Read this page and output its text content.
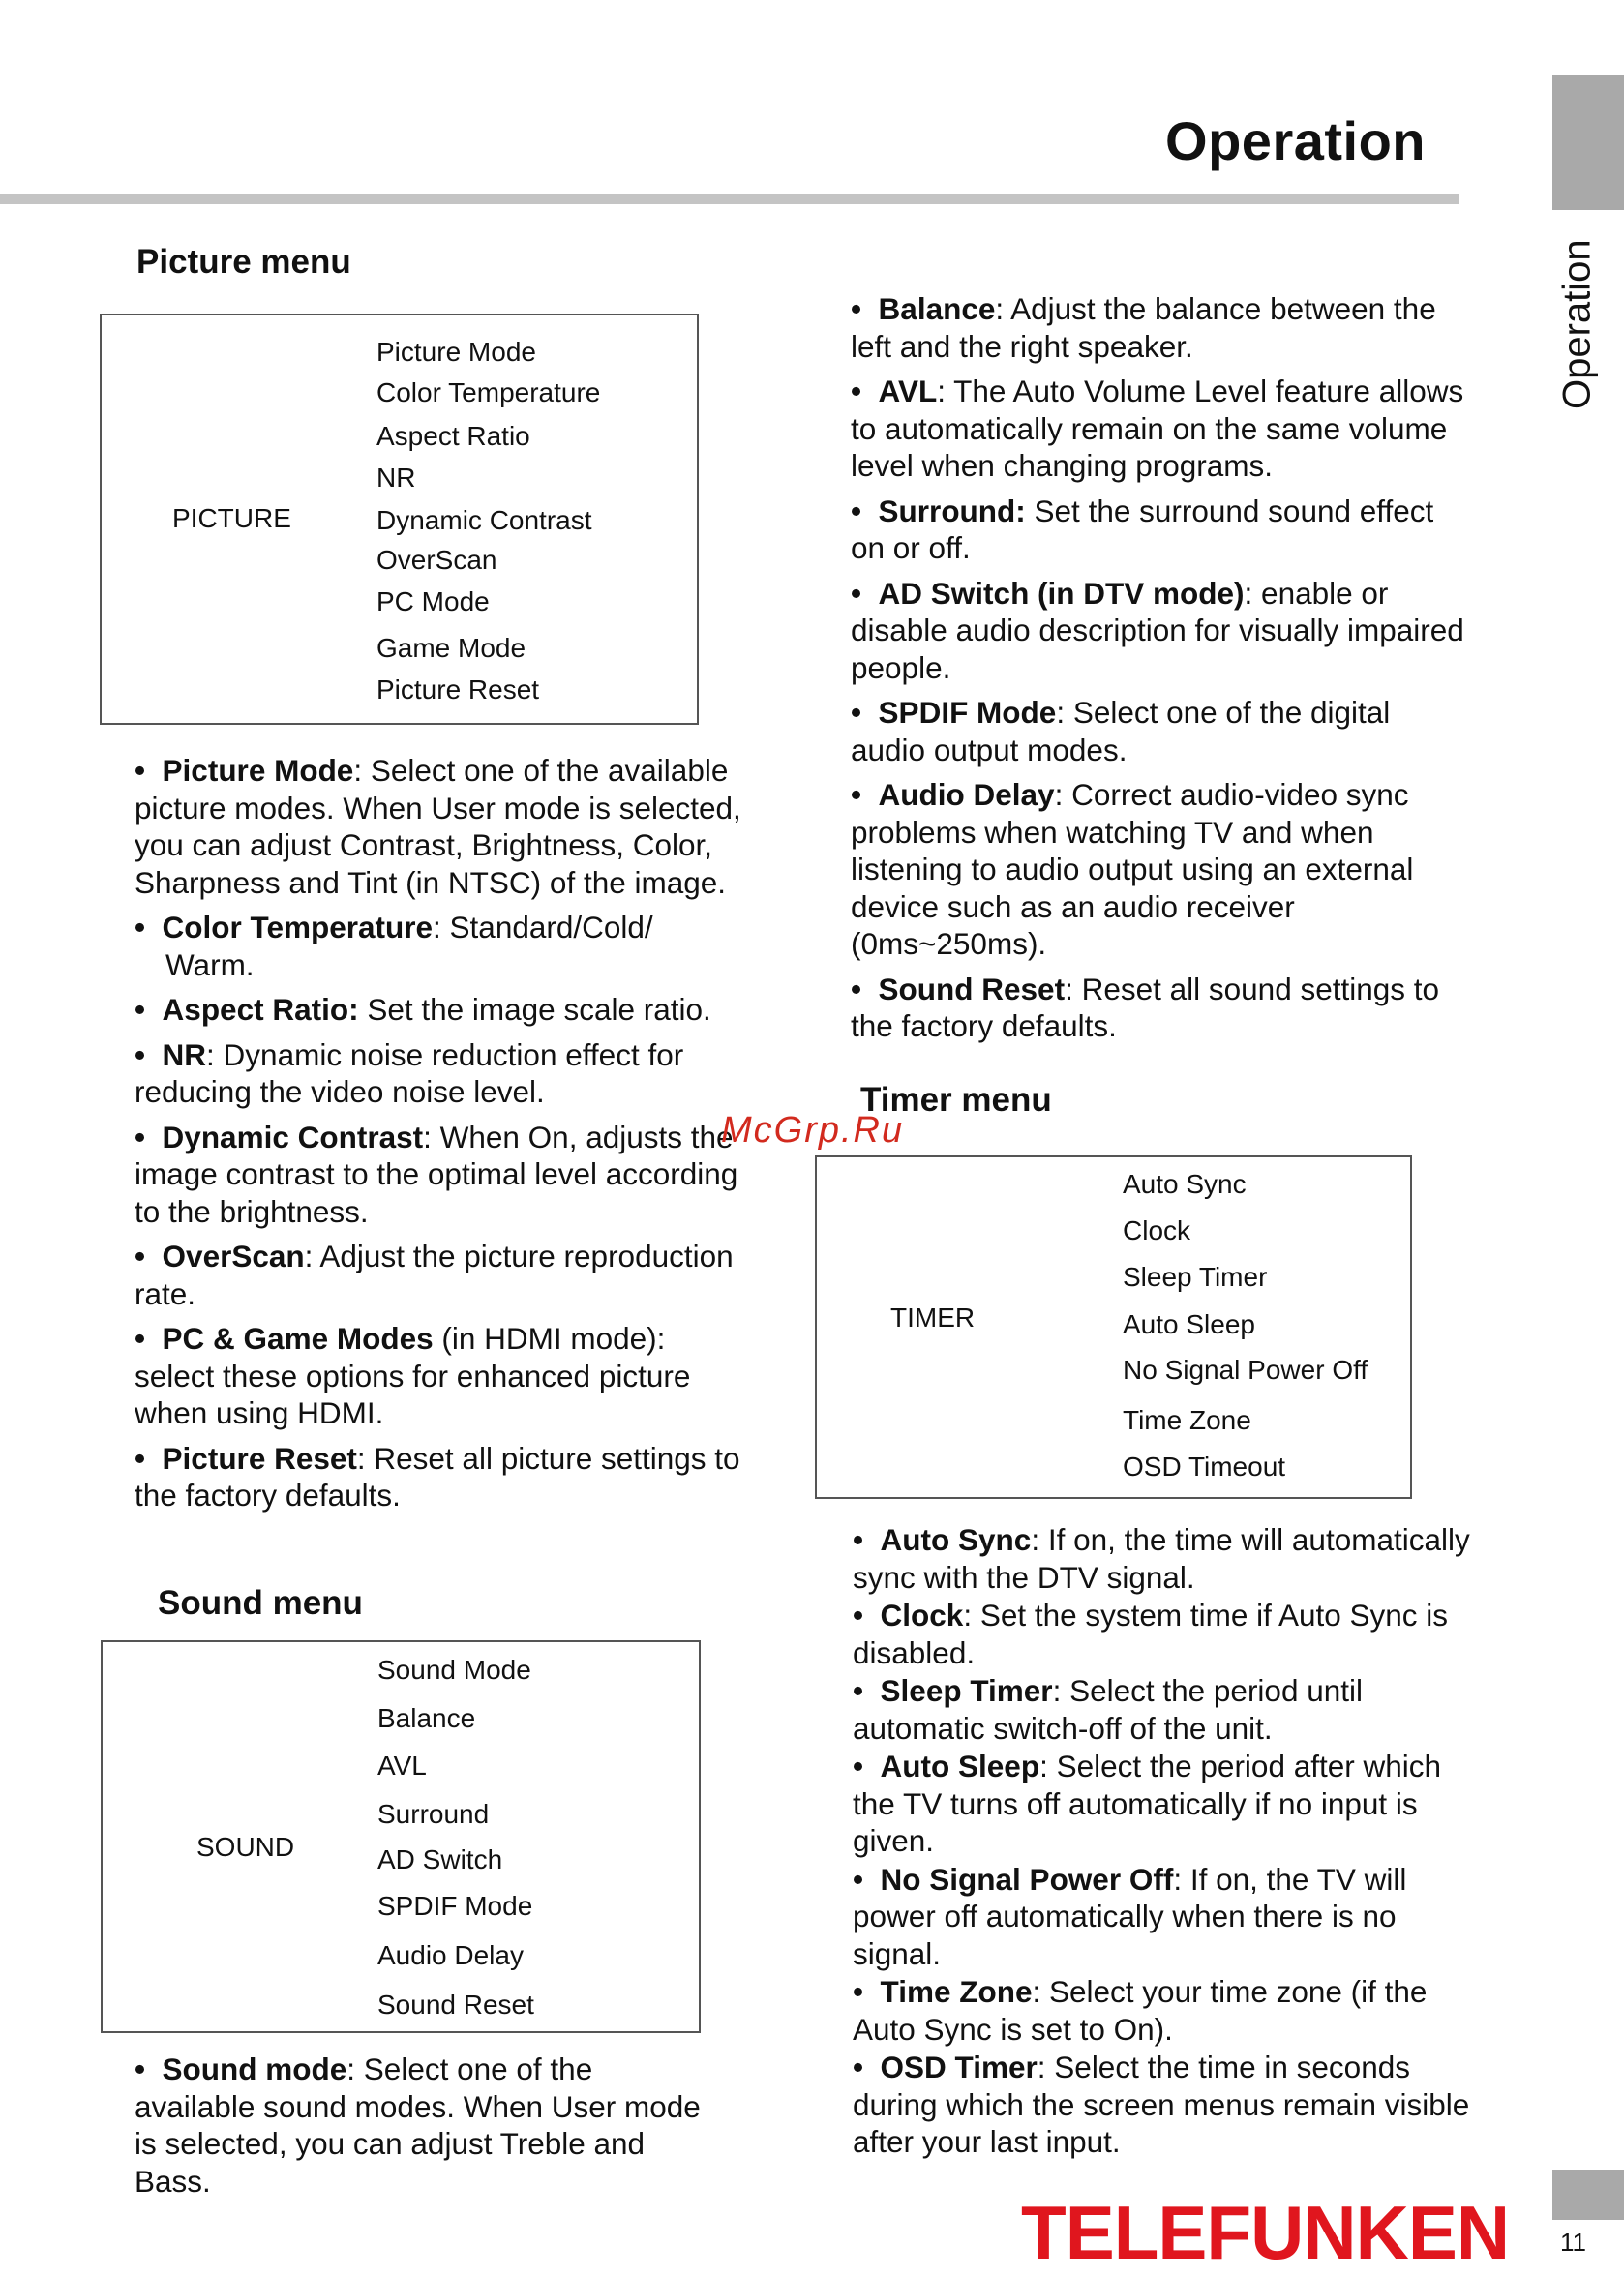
Operation
Operation
Picture menu
PICTURE
Picture Mode
Color Temperature
Aspect Ratio
NR
Dynamic Contrast
OverScan
PC Mode
Game Mode
Picture Reset

•  Picture Mode: Select one of the available picture modes. When User mode is selected, you can adjust Contrast, Brightness, Color, Sharpness and Tint (in NTSC) of the image.

•  Color Temperature: Standard/Cold/ Warm.

•  Aspect Ratio: Set the image scale ratio.

•  NR: Dynamic noise reduction effect for reducing the video noise level.

•  Dynamic Contrast: When On, adjusts the image contrast to the optimal level according to the brightness.

•  OverScan: Adjust the picture reproduction rate.

•  PC & Game Modes (in HDMI mode): select these options for enhanced picture when using HDMI.

•  Picture Reset: Reset all picture settings to the factory defaults.

Sound menu
SOUND
Sound Mode
Balance
AVL
Surround
AD Switch
SPDIF Mode
Audio Delay
Sound Reset

•  Sound mode: Select one of the available sound modes. When User mode is selected, you can adjust Treble and Bass.

•  Balance: Adjust the balance between the left and the right speaker.

•  AVL: The Auto Volume Level feature allows to automatically remain on the same volume level when changing programs.

•  Surround: Set the surround sound effect on or off.

•  AD Switch (in DTV mode): enable or disable audio description for visually impaired people.

•  SPDIF Mode: Select one of the digital audio output modes.

•  Audio Delay: Correct audio-video sync problems when watching TV and when listening to audio output using an external device such as an audio receiver (0ms~250ms).

•  Sound Reset: Reset all sound settings to the factory defaults.

Timer menu
McGrp.Ru
TIMER
Auto Sync
Clock
Sleep Timer
Auto Sleep
No Signal Power Off
Time Zone
OSD Timeout

•  Auto Sync: If on, the time will automatically sync with the DTV signal.

•  Clock: Set the system time if Auto Sync is disabled.

•  Sleep Timer: Select the period until automatic switch-off of the unit.

•  Auto Sleep: Select the period after which the TV turns off automatically if no input is given.

•  No Signal Power Off: If on, the TV will power off automatically when there is no signal.

•  Time Zone: Select your time zone (if the Auto Sync is set to On).

•  OSD Timer: Select the time in seconds during which the screen menus remain visible after your last input.

TELEFUNKEN 11
